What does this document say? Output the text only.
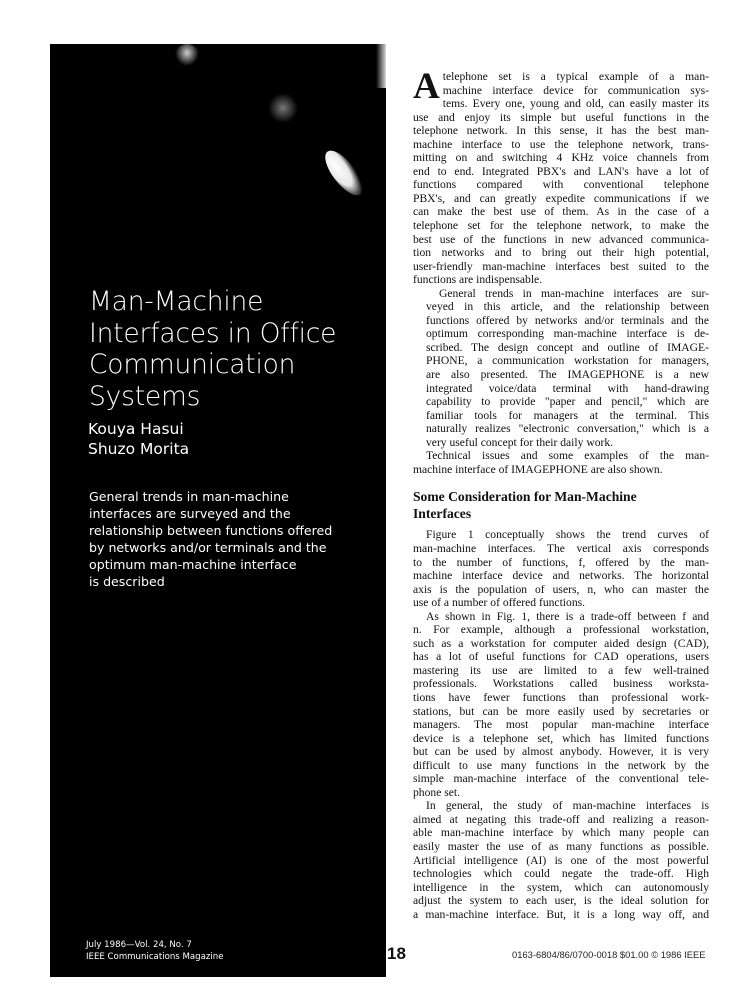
Man-Machine
Interfaces in Office
Communication
Systems
Kouya Hasui
Shuzo Morita
General trends in man-machine
interfaces are surveyed and the
relationship between functions offered
by networks and/or terminals and the
optimum man-machine interface
is described
July 1986—Vol. 24, No. 7
IEEE Communications Magazine	18	0163-6804/86/0700-0018 $01.00 © 1986 IEEE

A telephone set is a typical example of a man-
machine interface device for communication sys-
tems. Every one, young and old, can easily master its
use and enjoy its simple but useful functions in the
telephone network. In this sense, it has the best man-
machine interface to use the telephone network, trans-
mitting on and switching 4 KHz voice channels from
end to end. Integrated PBX's and LAN's have a lot of
functions compared with conventional telephone
PBX's, and can greatly expedite communications if we
can make the best use of them. As in the case of a
telephone set for the telephone network, to make the
best use of the functions in new advanced communica-
tion networks and to bring out their high potential,
user-friendly man-machine interfaces best suited to the
functions are indispensable.

General trends in man-machine interfaces are sur-
veyed in this article, and the relationship between
functions offered by networks and/or terminals and the
optimum corresponding man-machine interface is de-
scribed. The design concept and outline of IMAGE-
PHONE, a communication workstation for managers,
are also presented. The IMAGEPHONE is a new
integrated voice/data terminal with hand-drawing
capability to provide "paper and pencil," which are
familiar tools for managers at the terminal. This
naturally realizes "electronic conversation," which is a
very useful concept for their daily work.

Technical issues and some examples of the man-
machine interface of IMAGEPHONE are also shown.

Some Consideration for Man-Machine
Interfaces

Figure 1 conceptually shows the trend curves of
man-machine interfaces. The vertical axis corresponds
to the number of functions, f, offered by the man-
machine interface device and networks. The horizontal
axis is the population of users, n, who can master the
use of a number of offered functions.

As shown in Fig. 1, there is a trade-off between f and
n. For example, although a professional workstation,
such as a workstation for computer aided design (CAD),
has a lot of useful functions for CAD operations, users
mastering its use are limited to a few well-trained
professionals. Workstations called business worksta-
tions have fewer functions than professional work-
stations, but can be more easily used by secretaries or
managers. The most popular man-machine interface
device is a telephone set, which has limited functions
but can be used by almost anybody. However, it is very
difficult to use many functions in the network by the
simple man-machine interface of the conventional tele-
phone set.

In general, the study of man-machine interfaces is
aimed at negating this trade-off and realizing a reason-
able man-machine interface by which many people can
easily master the use of as many functions as possible.
Artificial intelligence (AI) is one of the most powerful
technologies which could negate the trade-off. High
intelligence in the system, which can autonomously
adjust the system to each user, is the ideal solution for
a man-machine interface. But, it is a long way off, and
